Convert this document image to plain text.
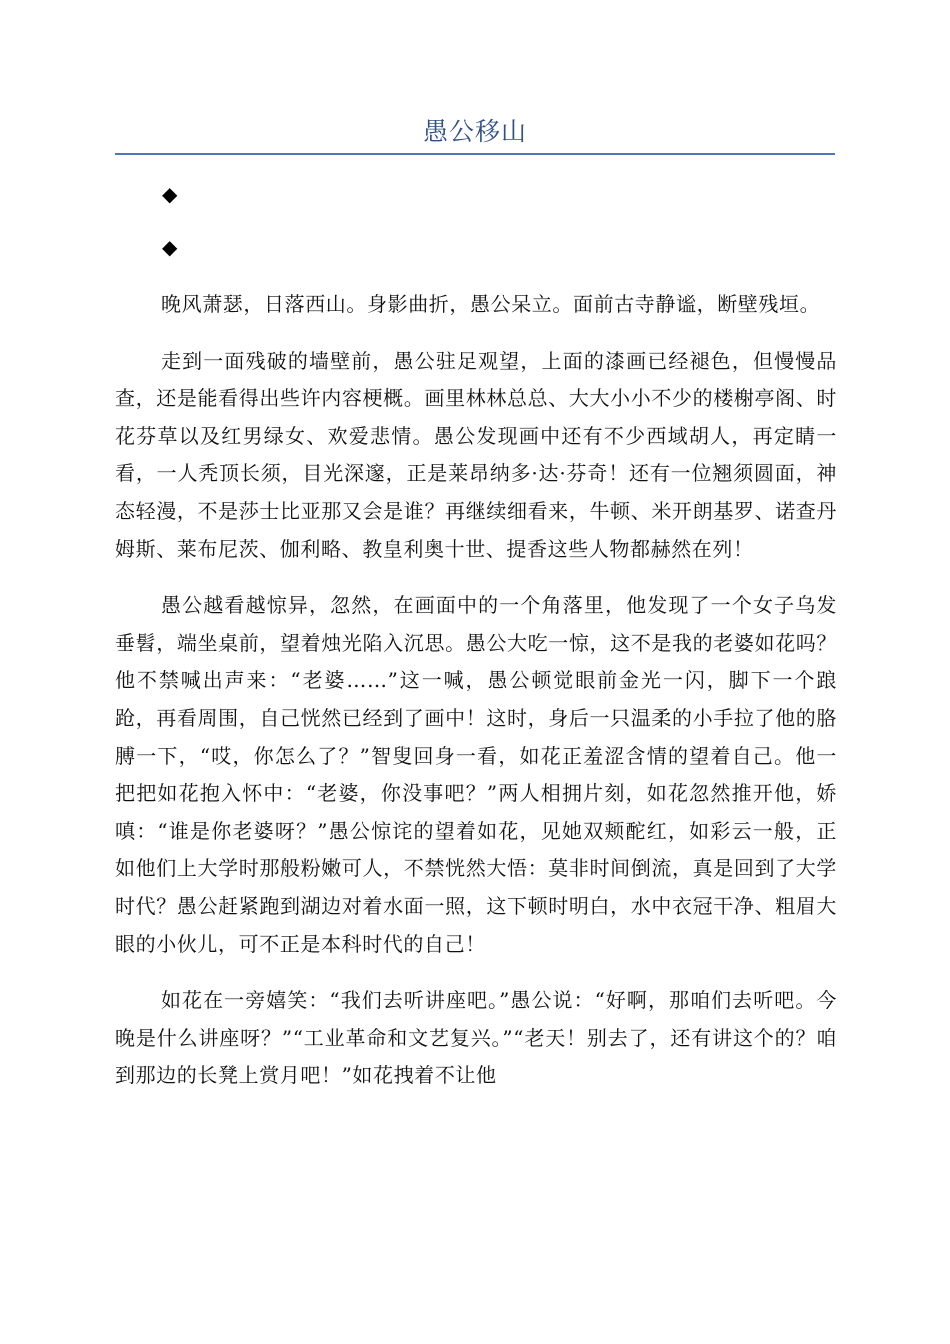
愚公移山
◆
◆

晚风萧瑟，日落西山。身影曲折，愚公呆立。面前古寺静谧，断壁残垣。

走到一面残破的墙壁前，愚公驻足观望，上面的漆画已经褪色，但慢慢品查，还是能看得出些许内容梗概。画里林林总总、大大小小不少的楼榭亭阁、时花芬草以及红男绿女、欢爱悲情。愚公发现画中还有不少西域胡人，再定睛一看，一人秃顶长须，目光深邃，正是莱昂纳多·达·芬奇！还有一位翘须圆面，神态轻漫，不是莎士比亚那又会是谁？再继续细看来，牛顿、米开朗基罗、诺查丹姆斯、莱布尼茨、伽利略、教皇利奥十世、提香这些人物都赫然在列！

愚公越看越惊异，忽然，在画面中的一个角落里，他发现了一个女子乌发垂髫，端坐桌前，望着烛光陷入沉思。愚公大吃一惊，这不是我的老婆如花吗？他不禁喊出声来：“老婆……”这一喊，愚公顿觉眼前金光一闪，脚下一个踉跄，再看周围，自己恍然已经到了画中！这时，身后一只温柔的小手拉了他的胳膊一下，“哎，你怎么了？”智叟回身一看，如花正羞涩含情的望着自己。他一把把如花抱入怀中：“老婆，你没事吧？”两人相拥片刻，如花忽然推开他，娇嗔：“谁是你老婆呀？”愚公惊诧的望着如花，见她双颊酡红，如彩云一般，正如他们上大学时那般粉嫩可人，不禁恍然大悟：莫非时间倒流，真是回到了大学时代？愚公赶紧跑到湖边对着水面一照，这下顿时明白，水中衣冠干净、粗眉大眼的小伙儿，可不正是本科时代的自己！

如花在一旁嬉笑：“我们去听讲座吧。”愚公说：“好啊，那咱们去听吧。今晚是什么讲座呀？”“工业革命和文艺复兴。”“老天！别去了，还有讲这个的？咱到那边的长凳上赏月吧！”如花拽着不让他
